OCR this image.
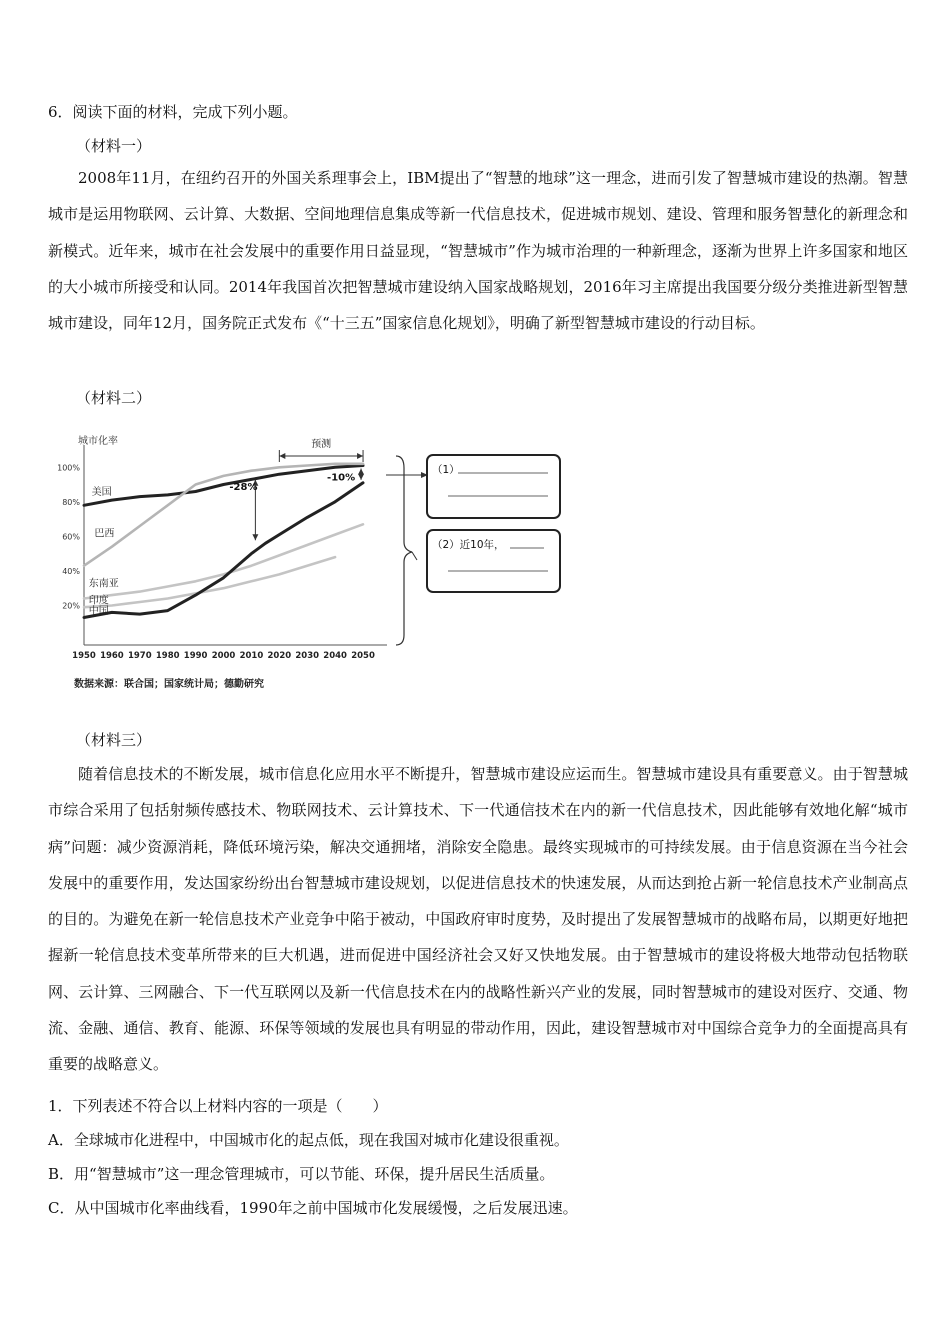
6．阅读下面的材料，完成下列小题。
（材料一）

2008年11月，在纽约召开的外国关系理事会上，IBM提出了“智慧的地球”这一理念，进而引发了智慧城市建设的热潮。智慧城市是运用物联网、云计算、大数据、空间地理信息集成等新一代信息技术，促进城市规划、建设、管理和服务智慧化的新理念和新模式。近年来，城市在社会发展中的重要作用日益显现，“智慧城市”作为城市治理的一种新理念，逐渐为世界上许多国家和地区的大小城市所接受和认同。2014年我国首次把智慧城市建设纳入国家战略规划，2016年习主席提出我国要分级分类推进新型智慧城市建设，同年12月，国务院正式发布《“十三五”国家信息化规划》，明确了新型智慧城市建设的行动目标。

（材料二）
城市化率
20%
40%
60%
80%
100%
1950 1960 1970 1980 1990 2000 2010 2020 2030 2040 2050
数据来源：联合国；国家统计局；德勤研究
美国
巴西
东南亚
印度
中国
预测
-28%
-10%
（1）
（2）近10年，
（材料三）

随着信息技术的不断发展，城市信息化应用水平不断提升，智慧城市建设应运而生。智慧城市建设具有重要意义。由于智慧城市综合采用了包括射频传感技术、物联网技术、云计算技术、下一代通信技术在内的新一代信息技术，因此能够有效地化解“城市病”问题：减少资源消耗，降低环境污染，解决交通拥堵，消除安全隐患。最终实现城市的可持续发展。由于信息资源在当今社会发展中的重要作用，发达国家纷纷出台智慧城市建设规划，以促进信息技术的快速发展，从而达到抢占新一轮信息技术产业制高点的目的。为避免在新一轮信息技术产业竞争中陷于被动，中国政府审时度势，及时提出了发展智慧城市的战略布局，以期更好地把握新一轮信息技术变革所带来的巨大机遇，进而促进中国经济社会又好又快地发展。由于智慧城市的建设将极大地带动包括物联网、云计算、三网融合、下一代互联网以及新一代信息技术在内的战略性新兴产业的发展，同时智慧城市的建设对医疗、交通、物流、金融、通信、教育、能源、环保等领域的发展也具有明显的带动作用，因此，建设智慧城市对中国综合竞争力的全面提高具有重要的战略意义。

1．下列表述不符合以上材料内容的一项是（　　）
A．全球城市化进程中，中国城市化的起点低，现在我国对城市化建设很重视。
B．用“智慧城市”这一理念管理城市，可以节能、环保，提升居民生活质量。
C．从中国城市化率曲线看，1990年之前中国城市化发展缓慢，之后发展迅速。
